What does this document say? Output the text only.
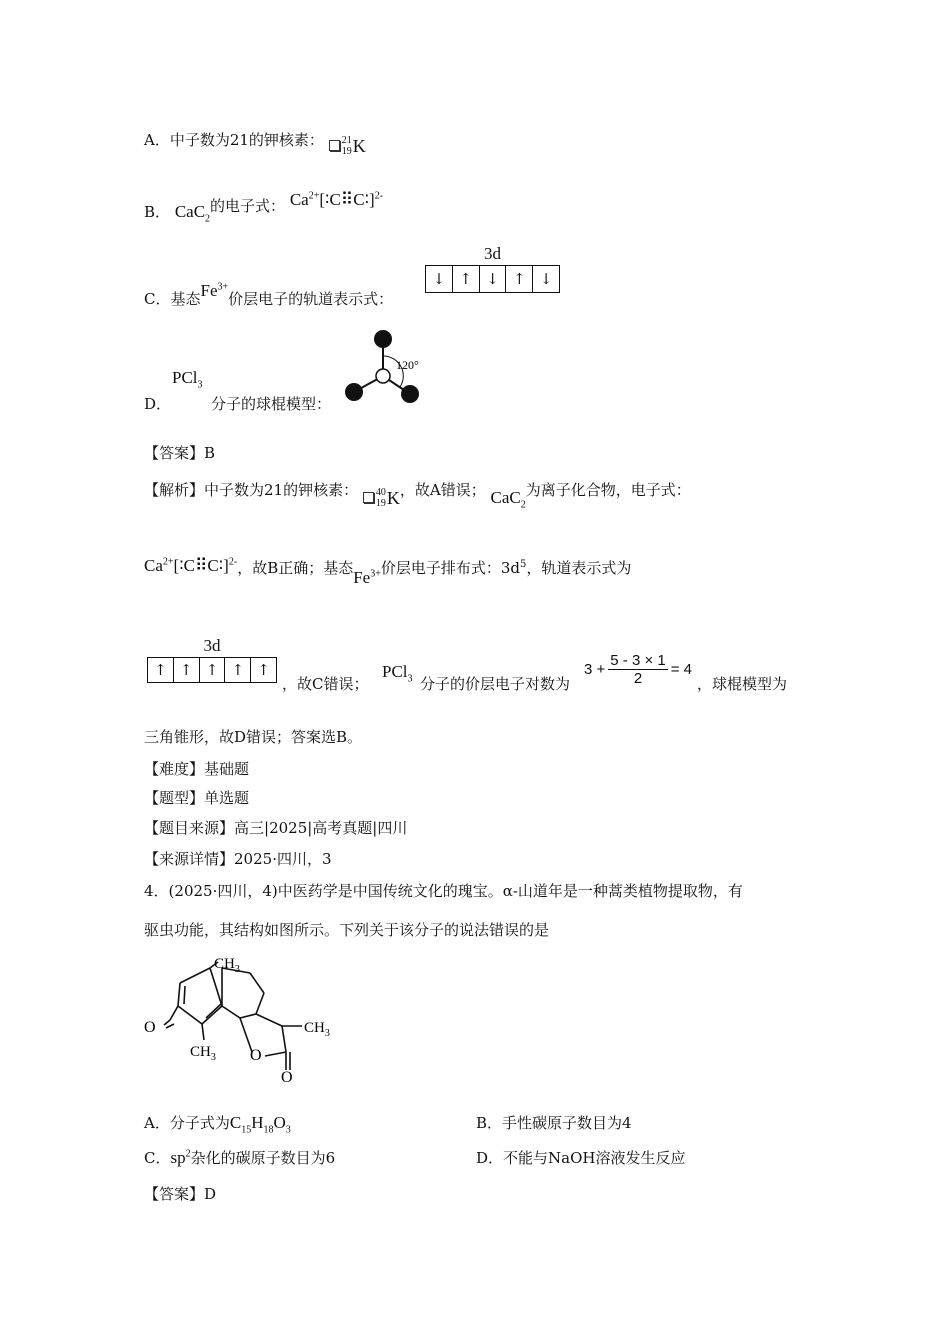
A．中子数为21的钾核素： 21
19 K
B． CaC$_2$的电子式： $Ca^{2+}[∶C⠿C∶]^{2-}$
C．基态$Fe^{3+}$价层电子的轨道表示式：
3d
↓ ↑ ↓ ↑ ↓
PCl$_3$
D．	分子的球棍模型：
120°
【答案】B
【解析】中子数为21的钾核素： 40
19 K ，故A错误； CaC$_2$为离子化合物，电子式：
$Ca^{2+}[∶C⠿C∶]^{2-}$，故B正确；基态$Fe^{3+}$价层电子排布式：$3d^5$，轨道表示式为
3d
↑ ↑ ↑ ↑ ↑
，故C错误；
PCl$_3$ 分子的价层电子对数为
$3 + \frac{5 - 3 \times 1}{2} = 4$
，球棍模型为
三角锥形，故D错误；答案选B。
【难度】基础题
【题型】单选题
【题目来源】高三|2025|高考真题|四川
【来源详情】2025·四川，3
4．(2025·四川，4)中医药学是中国传统文化的瑰宝。α-山道年是一种蒿类植物提取物，有
驱虫功能，其结构如图所示。下列关于该分子的说法错误的是
$CH_3$
$CH_3$
$CH_3$
O
O
O
A．分子式为$C_{15}H_{18}O_3$	B．手性碳原子数目为4
C．$sp^2$杂化的碳原子数目为6	D．不能与NaOH溶液发生反应
【答案】D
